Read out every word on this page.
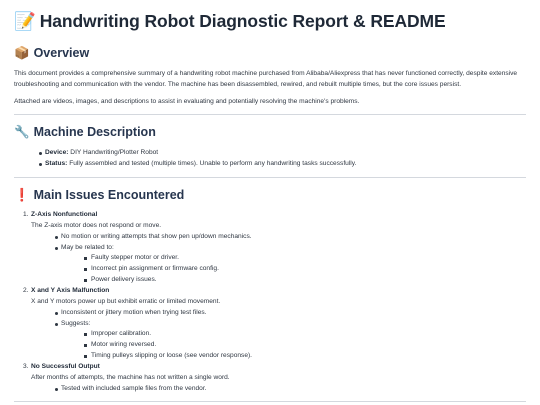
📝 Handwriting Robot Diagnostic Report & README
📦 Overview

This document provides a comprehensive summary of a handwriting robot machine purchased from Alibaba/Aliexpress that has never functioned correctly, despite extensive troubleshooting and communication with the vendor. The machine has been disassembled, rewired, and rebuilt multiple times, but the core issues persist.

Attached are videos, images, and descriptions to assist in evaluating and potentially resolving the machine's problems.

🔧 Machine Description
Device: DIY Handwriting/Plotter Robot
Status: Fully assembled and tested (multiple times). Unable to perform any handwriting tasks successfully.
❗ Main Issues Encountered
1. Z-Axis Nonfunctional
The Z-axis motor does not respond or move.
No motion or writing attempts that show pen up/down mechanics.
May be related to:
Faulty stepper motor or driver.
Incorrect pin assignment or firmware config.
Power delivery issues.
2. X and Y Axis Malfunction
X and Y motors power up but exhibit erratic or limited movement.
Inconsistent or jittery motion when trying test files.
Suggests:
Improper calibration.
Motor wiring reversed.
Timing pulleys slipping or loose (see vendor response).
3. No Successful Output
After months of attempts, the machine has not written a single word.
Tested with included sample files from the vendor.
